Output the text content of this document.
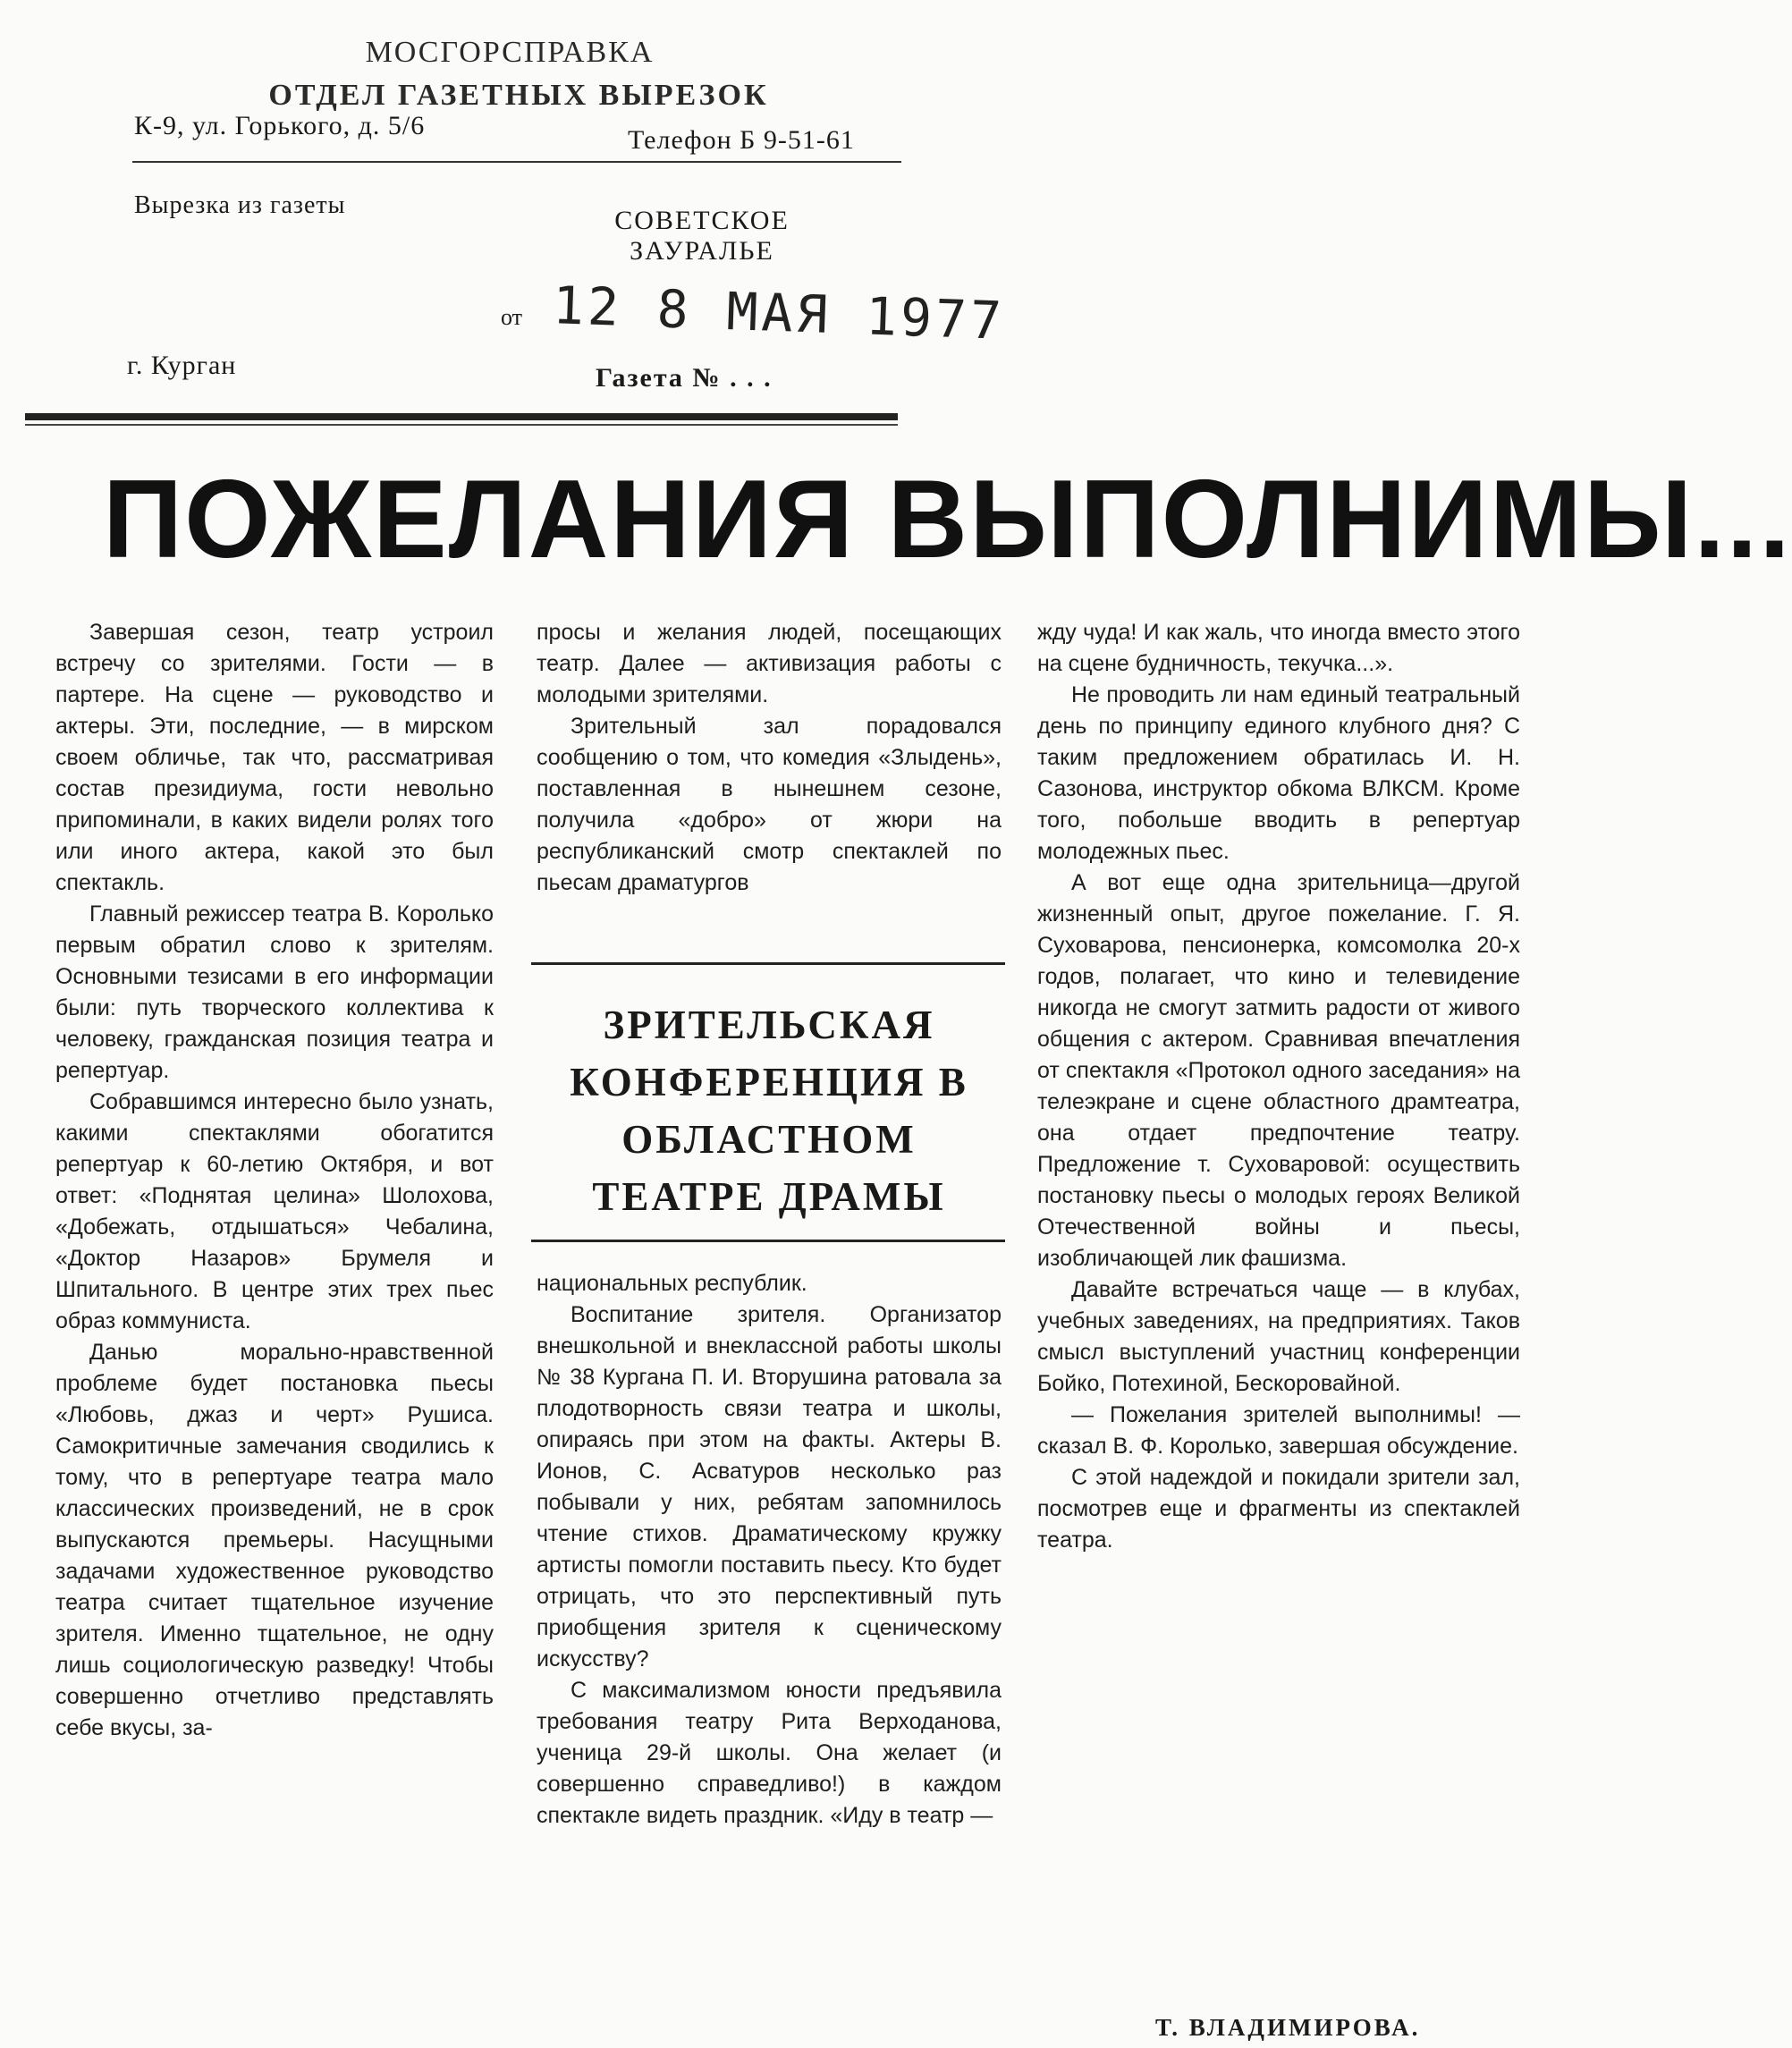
МОСГОРСПРАВКА
ОТДЕЛ ГАЗЕТНЫХ ВЫРЕЗОК
К-9, ул. Горького, д. 5/6	Телефон Б 9-51-61
Вырезка из газеты
СОВЕТСКОЕ ЗАУРАЛЬЕ
от 12 8 МАЯ 1977
г. Курган	Газета № . . .
ПОЖЕЛАНИЯ ВЫПОЛНИМЫ...

Завершая сезон, театр устроил встречу со зрителями. Гости — в партере. На сцене — руководство и актеры. Эти, последние, — в мирском своем обличье, так что, рассматривая состав президиума, гости невольно припоминали, в каких видели ролях того или иного актера, какой это был спектакль.

Главный режиссер театра В. Королько первым обратил слово к зрителям. Основными тезисами в его информации были: путь творческого коллектива к человеку, гражданская позиция театра и репертуар.

Собравшимся интересно было узнать, какими спектаклями обогатится репертуар к 60-летию Октября, и вот ответ: «Поднятая целина» Шолохова, «Добежать, отдышаться» Чебалина, «Доктор Назаров» Брумеля и Шпитального. В центре этих трех пьес образ коммуниста.

Данью морально-нравственной проблеме будет постановка пьесы «Любовь, джаз и черт» Рушиса. Самокритичные замечания сводились к тому, что в репертуаре театра мало классических произведений, не в срок выпускаются премьеры. Насущными задачами художественное руководство театра считает тщательное изучение зрителя. Именно тщательное, не одну лишь социологическую разведку! Чтобы совершенно отчетливо представлять себе вкусы, за-

просы и желания людей, посещающих театр. Далее — активизация работы с молодыми зрителями.

Зрительный зал порадовался сообщению о том, что комедия «Злыдень», поставленная в нынешнем сезоне, получила «добро» от жюри на республиканский смотр спектаклей по пьесам драматургов

ЗРИТЕЛЬСКАЯ КОНФЕРЕНЦИЯ В ОБЛАСТНОМ ТЕАТРЕ ДРАМЫ

национальных республик.

Воспитание зрителя. Организатор внешкольной и внеклассной работы школы № 38 Кургана П. И. Вторушина ратовала за плодотворность связи театра и школы, опираясь при этом на факты. Актеры В. Ионов, С. Асватуров несколько раз побывали у них, ребятам запомнилось чтение стихов. Драматическому кружку артисты помогли поставить пьесу. Кто будет отрицать, что это перспективный путь приобщения зрителя к сценическому искусству?

С максимализмом юности предъявила требования театру Рита Верходанова, ученица 29-й школы. Она желает (и совершенно справедливо!) в каждом спектакле видеть праздник. «Иду в театр —

жду чуда! И как жаль, что иногда вместо этого на сцене будничность, текучка...».

Не проводить ли нам единый театральный день по принципу единого клубного дня? С таким предложением обратилась И. Н. Сазонова, инструктор обкома ВЛКСМ. Кроме того, побольше вводить в репертуар молодежных пьес.

А вот еще одна зрительница—другой жизненный опыт, другое пожелание. Г. Я. Суховарова, пенсионерка, комсомолка 20-х годов, полагает, что кино и телевидение никогда не смогут затмить радости от живого общения с актером. Сравнивая впечатления от спектакля «Протокол одного заседания» на телеэкране и сцене областного драмтеатра, она отдает предпочтение театру. Предложение т. Суховаровой: осуществить постановку пьесы о молодых героях Великой Отечественной войны и пьесы, изобличающей лик фашизма.

Давайте встречаться чаще — в клубах, учебных заведениях, на предприятиях. Таков смысл выступлений участниц конференции Бойко, Потехиной, Бескоровайной.

— Пожелания зрителей выполнимы! — сказал В. Ф. Королько, завершая обсуждение.

С этой надеждой и покидали зрители зал, посмотрев еще и фрагменты из спектаклей театра.

Т. ВЛАДИМИРОВА.
